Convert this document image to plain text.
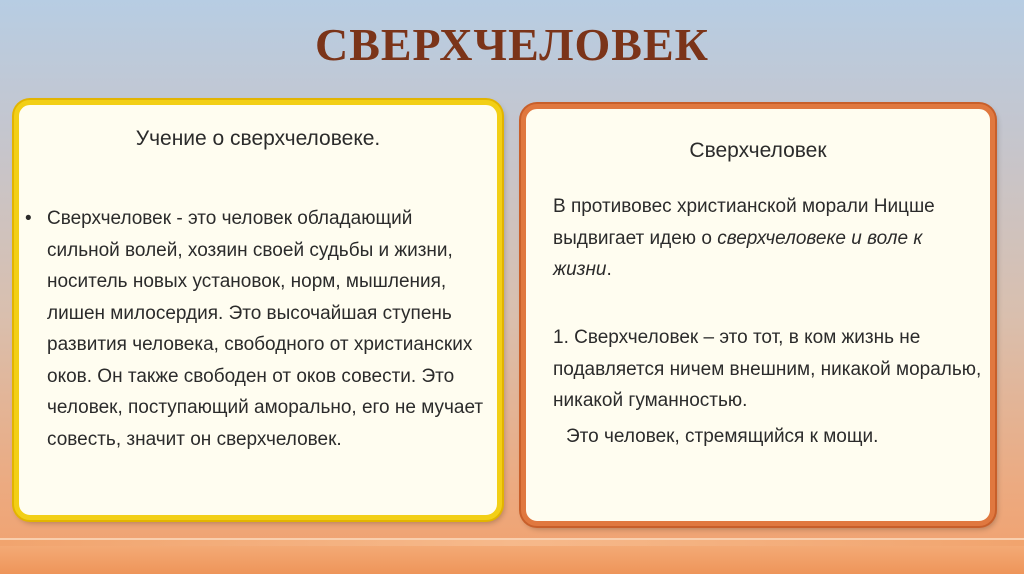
СВЕРХЧЕЛОВЕК
Учение о сверхчеловеке.
• Сверхчеловек - это человек обладающий сильной волей, хозяин своей судьбы и жизни, носитель новых установок, норм, мышления, лишен милосердия. Это высочайшая ступень развития человека, свободного от христианских оков. Он также свободен от оков совести. Это человек, поступающий аморально, его не мучает совесть, значит он сверхчеловек.
Сверхчеловек
В противовес христианской морали Ницше выдвигает идею о сверхчеловеке и воле к жизни.
1. Сверхчеловек – это тот, в ком жизнь не подавляется ничем внешним, никакой моралью, никакой гуманностью.
Это человек, стремящийся к мощи.
